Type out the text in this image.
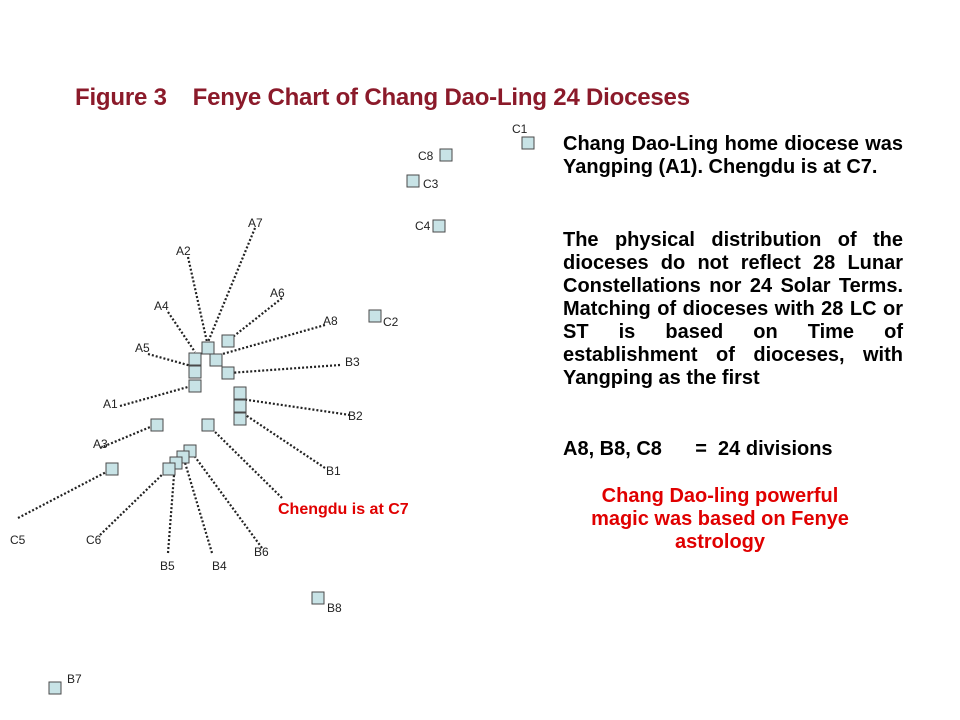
Figure 3    Fenye Chart of Chang Dao-Ling 24 Dioceses
A7
A2
A6
A4
A8
A5
A1
A3
B3
B2
B1
C1
C8
C3
C4
C2
C5	C6
B5	B4
B6
B8
B7
Chengdu is at C7

Chang Dao-Ling home diocese was Yangping (A1). Chengdu is at C7.

The physical distribution of the dioceses do not reflect 28 Lunar Constellations nor 24 Solar Terms. Matching of dioceses with 28 LC or ST is based on Time of establishment of dioceses, with Yangping as the first

A8, B8, C8      =  24 divisions

Chang Dao-ling powerful magic was based on Fenye astrology
